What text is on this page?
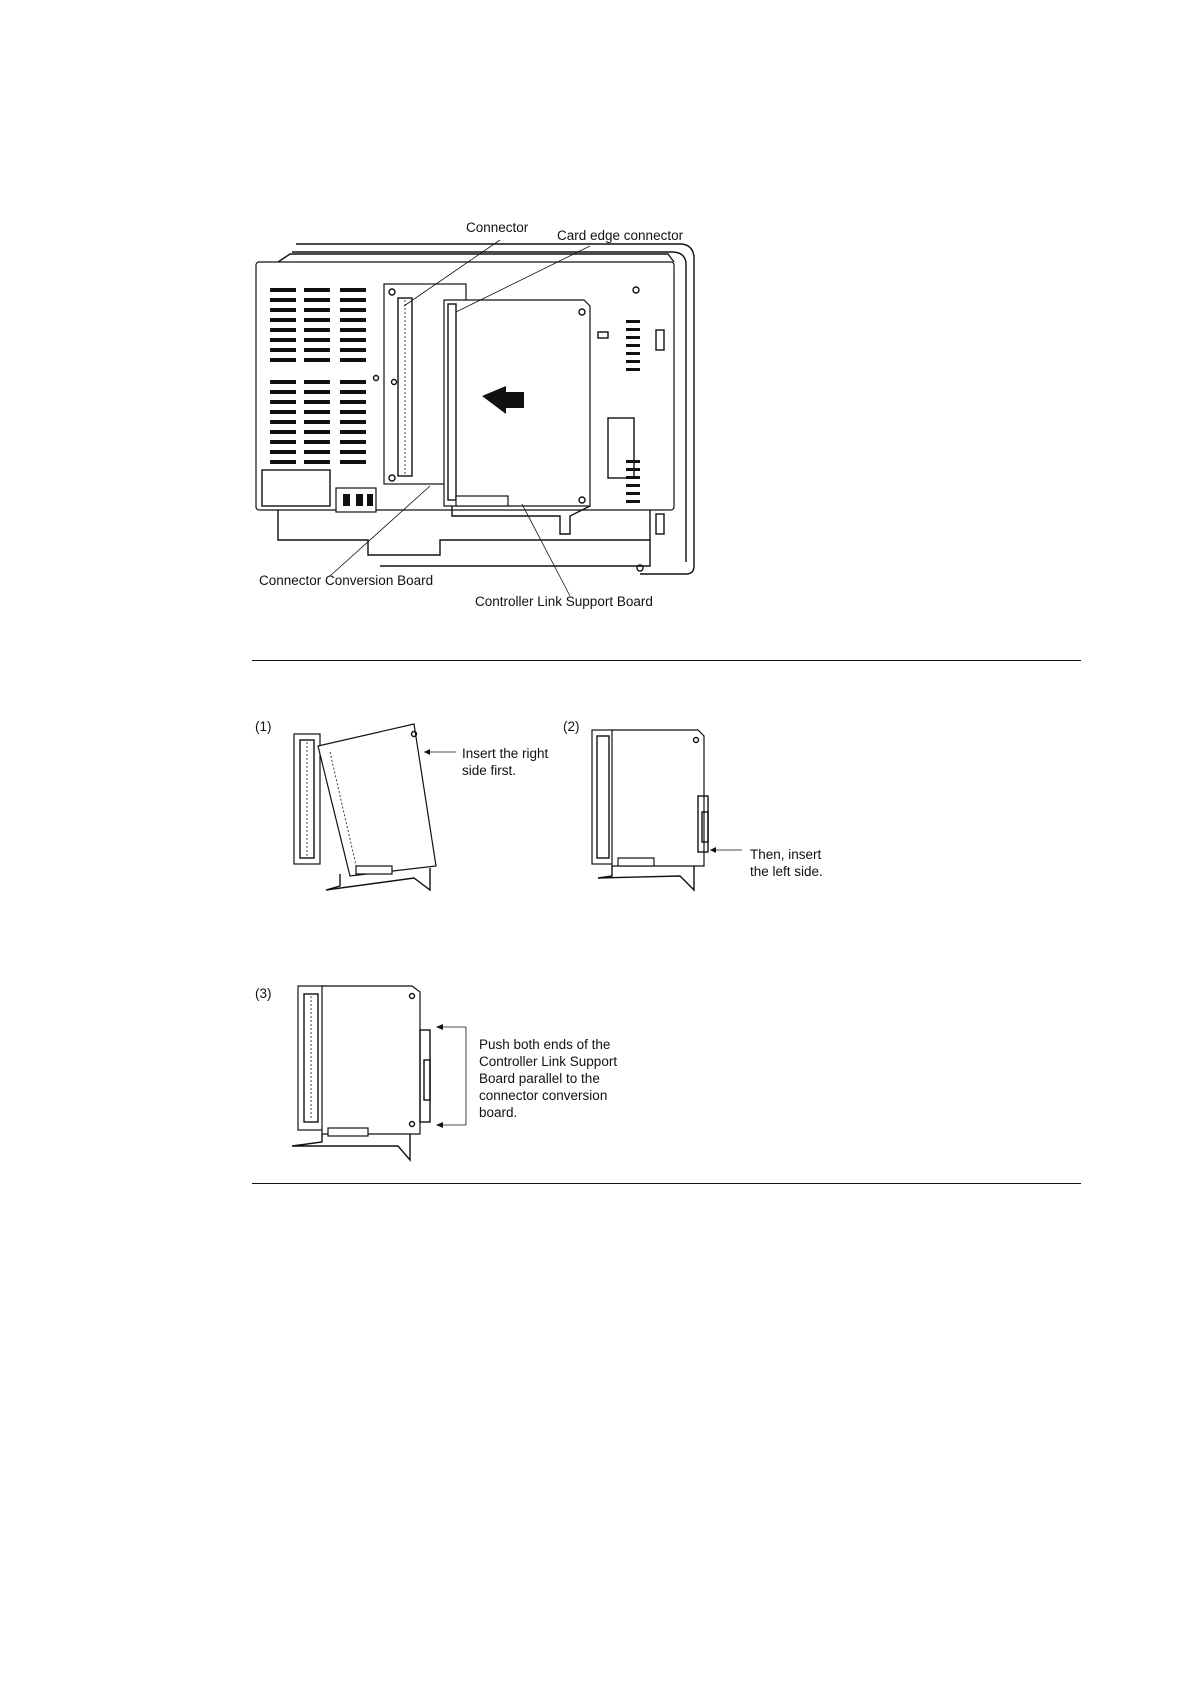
Connector
Card edge connector
Connector Conversion Board
Controller Link Support Board
(1)
Insert the right
side first.
(2)
Then, insert
the left side.
(3)
Push both ends of the
Controller Link Support
Board parallel to the
connector conversion
board.
